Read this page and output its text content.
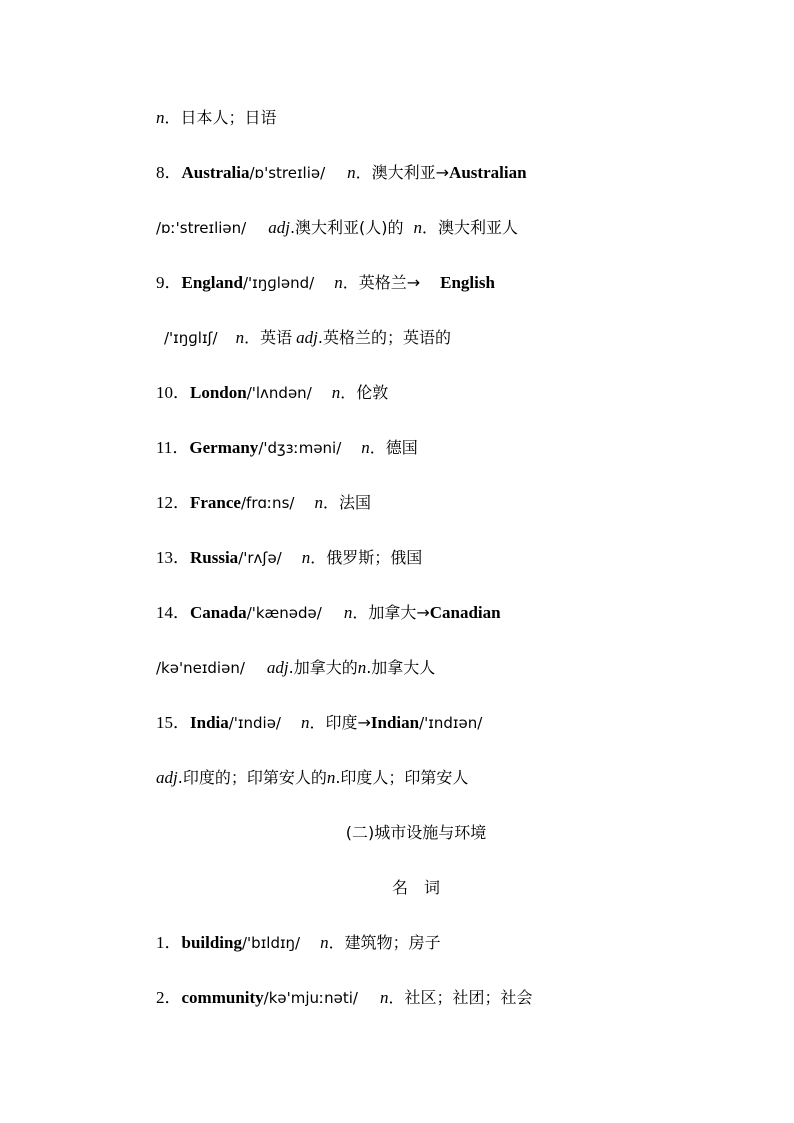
n．日本人；日语
8．Australia/ɒ'streɪliə/ n．澳大利亚→Australian
/ɒː'streɪliən/ adj.澳大利亚(人)的 n．澳大利亚人
9．England/'ɪŋɡlənd/ n．英格兰→ English
/'ɪŋɡlɪʃ/ n．英语 adj.英格兰的；英语的
10．London/'lʌndən/ n．伦敦
11．Germany/'dʒɜːməni/ n．德国
12．France/frɑːns/ n．法国
13．Russia/'rʌʃə/ n．俄罗斯；俄国
14．Canada/'kænədə/ n．加拿大→Canadian
/kə'neɪdiən/ adj.加拿大的n.加拿大人
15．India/'ɪndiə/ n．印度→Indian/'ɪndɪən/
adj.印度的；印第安人的n.印度人；印第安人
(二)城市设施与环境
名　词
1．building/'bɪldɪŋ/ n．建筑物；房子
2．community/kə'mjuːnəti/ n．社区；社团；社会
